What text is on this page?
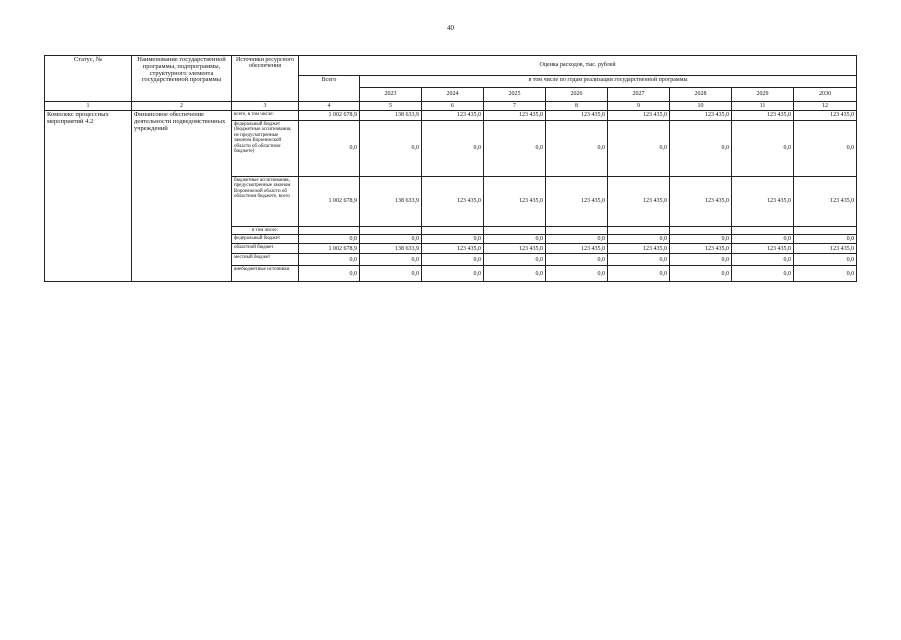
40
Статус, №	Наименование государственной программы, подпрограммы, структурного элемента государственной программы	Источники ресурсного обеспечения	Оценка расходов, тыс. рублей								
			Всего	в том числе по годам реализации государственной программы							
				2023	2024	2025	2026	2027	2028	2029	2030
1	2	3	4	5	6	7	8	9	10	11	12
Комплекс процессных мероприятий 4.2	Финансовое обеспечение деятельности подведомственных учреждений	всего, в том числе:	1 002 678,9	138 633,9	123 435,0	123 435,0	123 435,0	123 435,0	123 435,0	123 435,0	123 435,0
		федеральный бюджет (бюджетные ассигнования, не предусмотренные законом Воронежской области об областном бюджете)	0,0	0,0	0,0	0,0	0,0	0,0	0,0	0,0	0,0
		бюджетные ассигнования, предусмотренные законом Воронежской области об областном бюджете, всего	1 002 678,9	138 633,9	123 435,0	123 435,0	123 435,0	123 435,0	123 435,0	123 435,0	123 435,0
		в том числе:									
		федеральный бюджет	0,0	0,0	0,0	0,0	0,0	0,0	0,0	0,0	0,0
		областной бюджет	1 002 678,9	138 633,9	123 435,0	123 435,0	123 435,0	123 435,0	123 435,0	123 435,0	123 435,0
		местный бюджет	0,0	0,0	0,0	0,0	0,0	0,0	0,0	0,0	0,0
		внебюджетные источники	0,0	0,0	0,0	0,0	0,0	0,0	0,0	0,0	0,0
